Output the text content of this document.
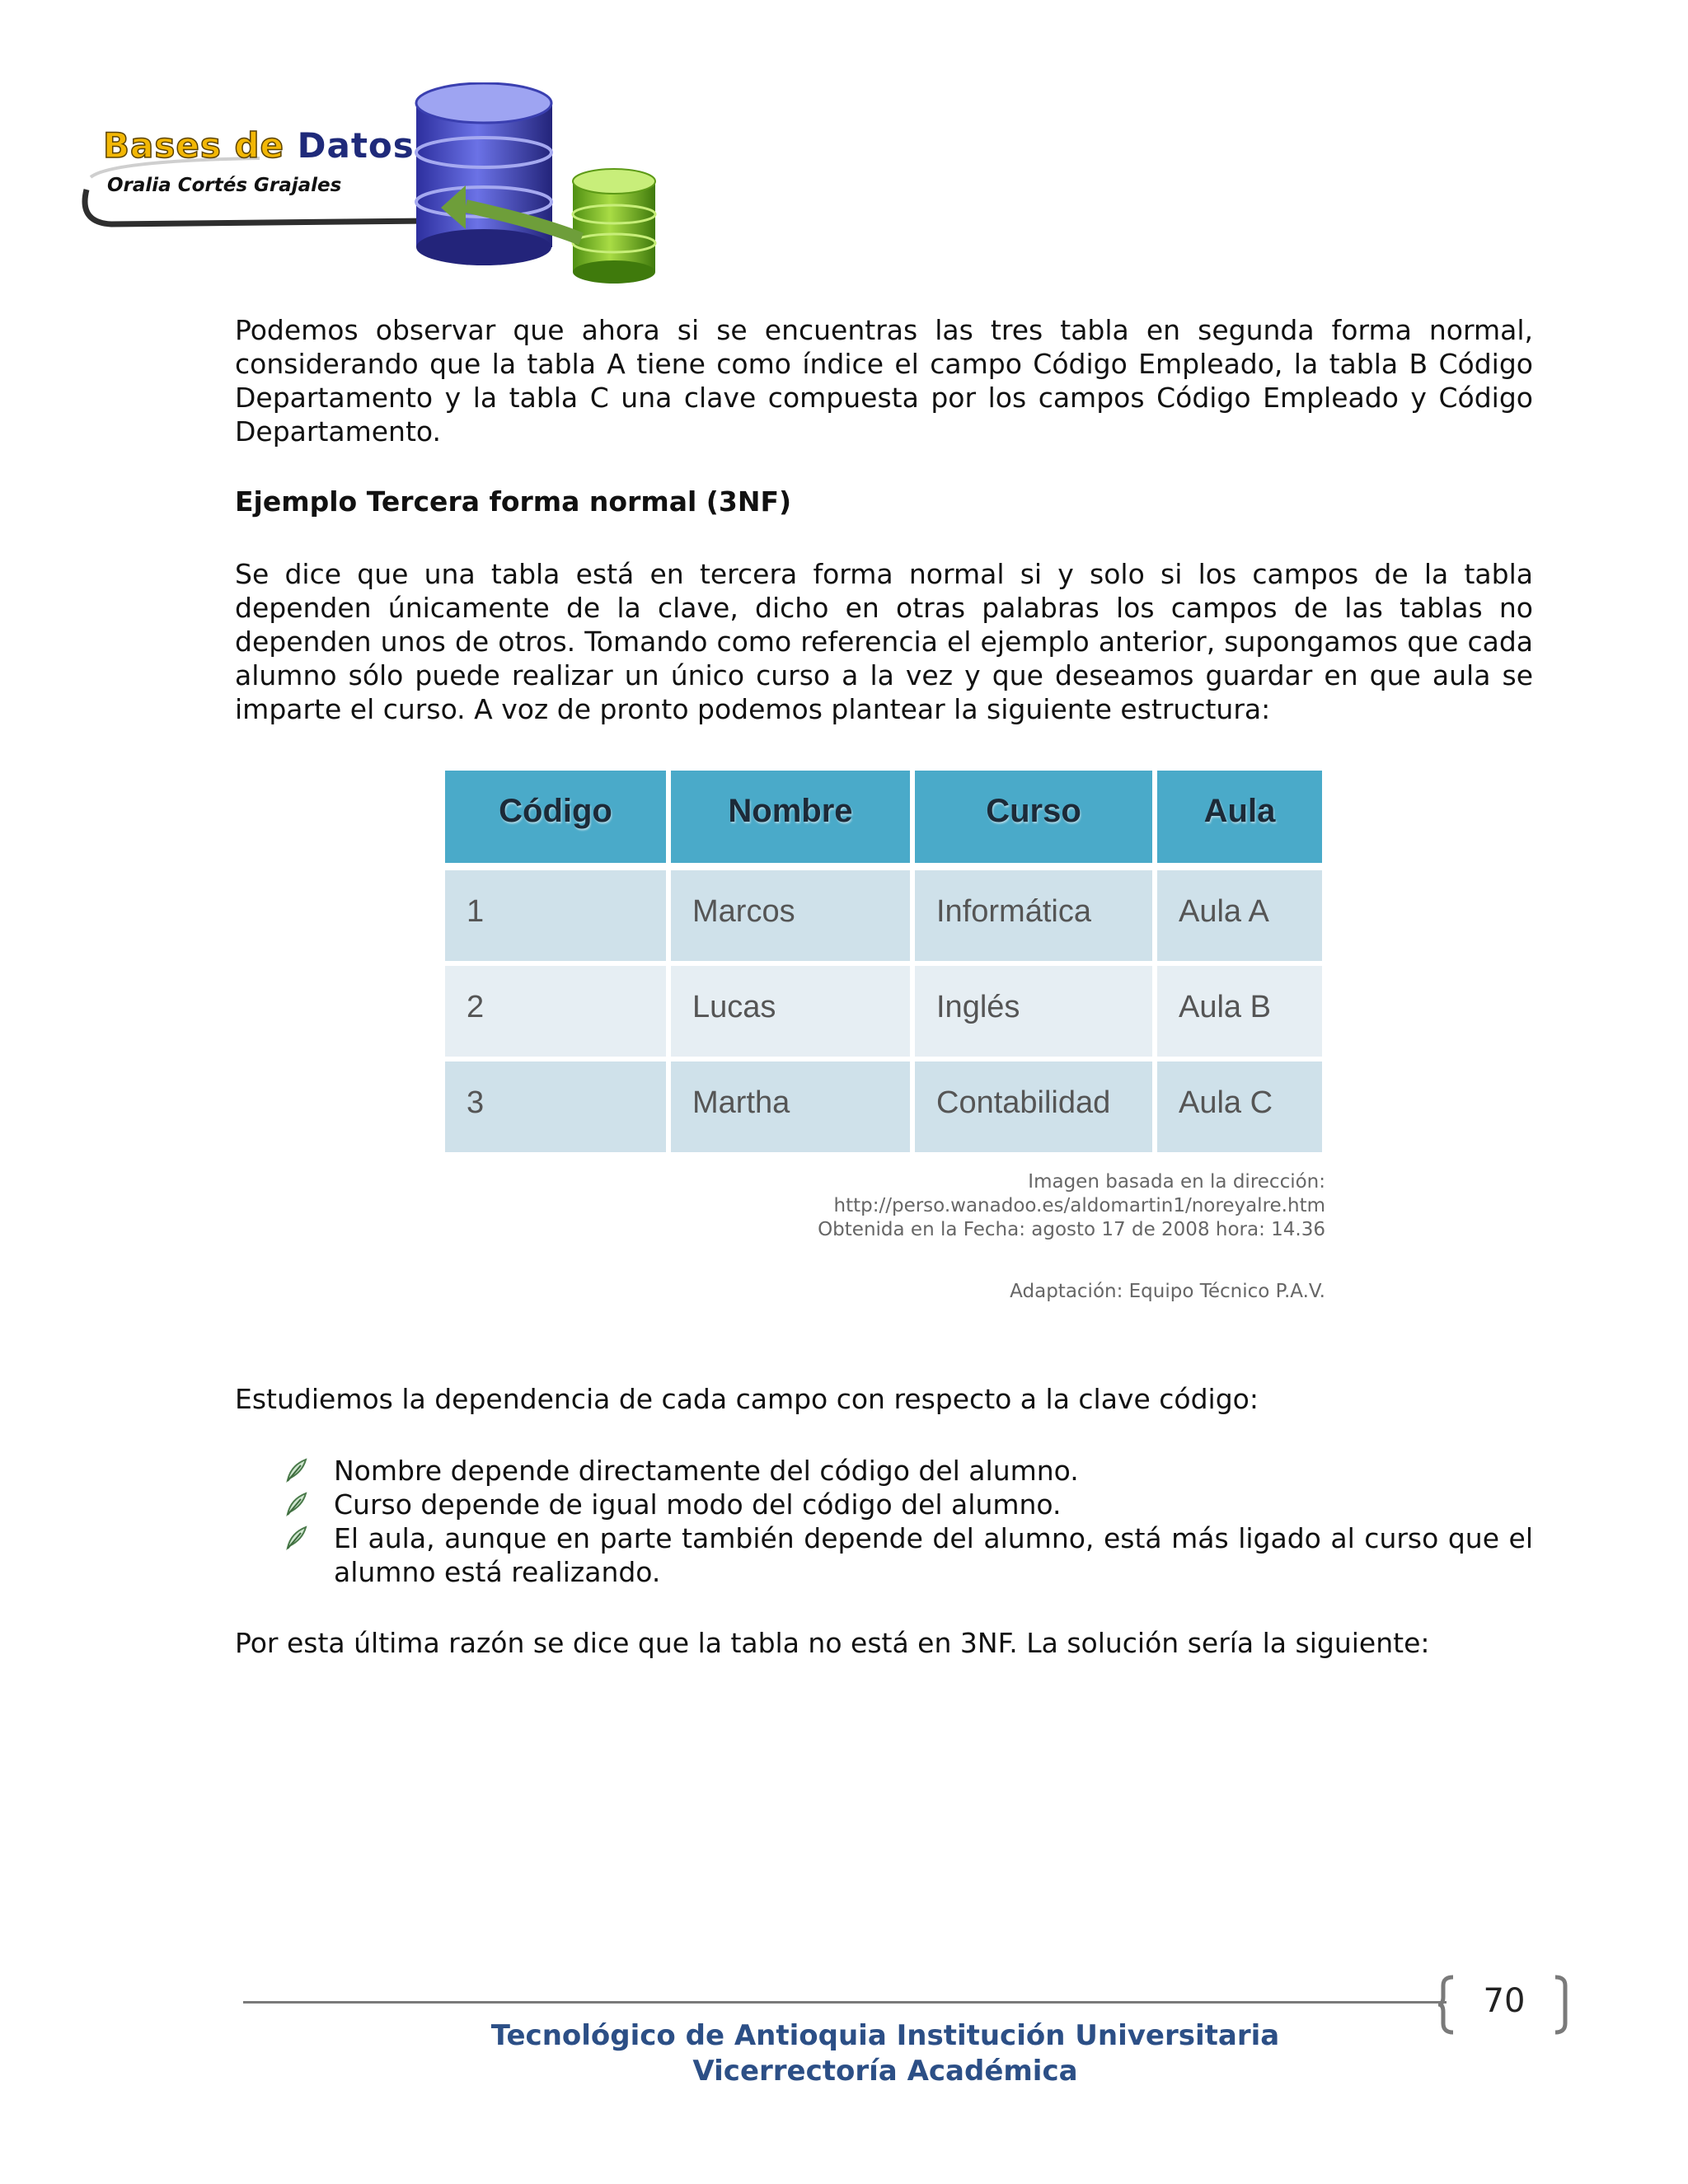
Bases de Datos
Oralia Cortés Grajales
Podemos observar que ahora si se encuentras las tres tabla en segunda forma normal, considerando que la tabla A tiene como índice el campo Código Empleado, la tabla B Código Departamento y la tabla C una clave compuesta por los campos Código Empleado y Código Departamento.
Ejemplo Tercera forma normal (3NF)
Se dice que una tabla está en tercera forma normal si y solo si los campos de la tabla dependen únicamente de la clave, dicho en otras palabras los campos de las tablas no dependen unos de otros. Tomando como referencia el ejemplo anterior, supongamos que cada alumno sólo puede realizar un único curso a la vez y que deseamos guardar en que aula se imparte el curso. A voz de pronto podemos plantear la siguiente estructura:
Código	Nombre	Curso	Aula
1	Marcos	Informática	Aula A
2	Lucas	Inglés	Aula B
3	Martha	Contabilidad Aula C
Imagen basada en la dirección:
http://perso.wanadoo.es/aldomartin1/noreyalre.htm
Obtenida en la Fecha: agosto 17 de 2008 hora: 14.36
Adaptación: Equipo Técnico P.A.V.
Estudiemos la dependencia de cada campo con respecto a la clave código:
Nombre depende directamente del código del alumno.
Curso depende de igual modo del código del alumno.
El aula, aunque en parte también depende del alumno, está más ligado al curso que el alumno está realizando.
Por esta última razón se dice que la tabla no está en 3NF. La solución sería la siguiente:
70
Tecnológico de Antioquia Institución Universitaria
Vicerrectoría Académica
